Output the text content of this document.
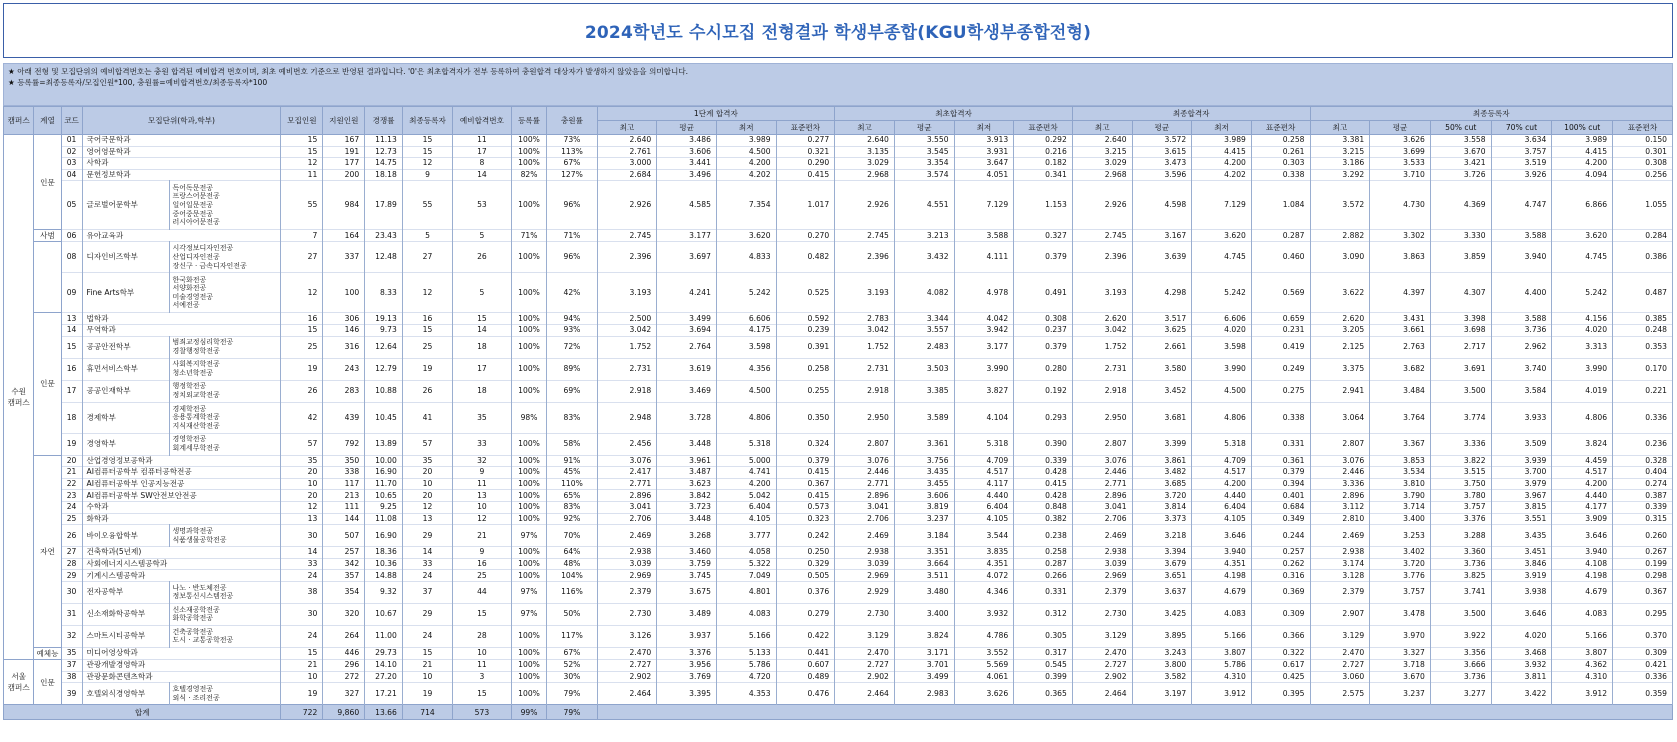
2024학년도 수시모집 전형결과 학생부종합(KGU학생부종합전형)
★ 아래 전형 및 모집단위의 예비합격번호는 충원 합격된 예비합격 번호이며, 최초 예비번호 기준으로 반영된 결과입니다. '0'은 최초합격자가 전부 등록하여 충원합격 대상자가 발생하지 않았음을 의미합니다.
★ 등록률=최종등록자/모집인원*100, 충원률=예비합격번호/최종등록자*100
캠퍼스	계열	코드	모집단위(학과,학부)		모집인원	지원인원	경쟁률	최종등록자	예비합격번호	등록률	충원률	1단계 합격자				최초합격자				최종합격자				최종등록자					
												최고	평균	최저	표준편차	최고	평균	최저	표준편차	최고	평균	최저	표준편차	최고	평균	50% cut	70% cut	100% cut	표준편차
수원
캠퍼스	인문	01	국어국문학과		15	167	11.13	15	11	100%	73%	2.640	3.486	3.989	0.277	2.640	3.550	3.913	0.292	2.640	3.572	3.989	0.258	3.381	3.626	3.558	3.634	3.989	0.150
		02	영어영문학과		15	191	12.73	15	17	100%	113%	2.761	3.606	4.500	0.321	3.135	3.545	3.931	0.216	3.215	3.615	4.415	0.261	3.215	3.699	3.670	3.757	4.415	0.301
		03	사학과		12	177	14.75	12	8	100%	67%	3.000	3.441	4.200	0.290	3.029	3.354	3.647	0.182	3.029	3.473	4.200	0.303	3.186	3.533	3.421	3.519	4.200	0.308
		04	문헌정보학과		11	200	18.18	9	14	82%	127%	2.684	3.496	4.202	0.415	2.968	3.574	4.051	0.341	2.968	3.596	4.202	0.338	3.292	3.710	3.726	3.926	4.094	0.256
		05	글로벌어문학부	독어독문전공
프랑스어문전공
일어일문전공
중어중문전공
러시아어문전공	55	984	17.89	55	53	100%	96%	2.926	4.585	7.354	1.017	2.926	4.551	7.129	1.153	2.926	4.598	7.129	1.084	3.572	4.730	4.369	4.747	6.866	1.055
	사범	06	유아교육과		7	164	23.43	5	5	71%	71%	2.745	3.177	3.620	0.270	2.745	3.213	3.588	0.327	2.745	3.167	3.620	0.287	2.882	3.302	3.330	3.588	3.620	0.284
		08	디자인비즈학부	시각정보디자인전공
산업디자인전공
장신구 · 금속디자인전공	27	337	12.48	27	26	100%	96%	2.396	3.697	4.833	0.482	2.396	3.432	4.111	0.379	2.396	3.639	4.745	0.460	3.090	3.863	3.859	3.940	4.745	0.386
		09	Fine Arts학부	한국화전공
서양화전공
미술경영전공
서예전공	12	100	8.33	12	5	100%	42%	3.193	4.241	5.242	0.525	3.193	4.082	4.978	0.491	3.193	4.298	5.242	0.569	3.622	4.397	4.307	4.400	5.242	0.487
	인문	13	법학과		16	306	19.13	16	15	100%	94%	2.500	3.499	6.606	0.592	2.783	3.344	4.042	0.308	2.620	3.517	6.606	0.659	2.620	3.431	3.398	3.588	4.156	0.385
		14	무역학과		15	146	9.73	15	14	100%	93%	3.042	3.694	4.175	0.239	3.042	3.557	3.942	0.237	3.042	3.625	4.020	0.231	3.205	3.661	3.698	3.736	4.020	0.248
		15	공공안전학부	범죄교정심리학전공
경찰행정학전공	25	316	12.64	25	18	100%	72%	1.752	2.764	3.598	0.391	1.752	2.483	3.177	0.379	1.752	2.661	3.598	0.419	2.125	2.763	2.717	2.962	3.313	0.353
		16	휴먼서비스학부	사회복지학전공
청소년학전공	19	243	12.79	19	17	100%	89%	2.731	3.619	4.356	0.258	2.731	3.503	3.990	0.280	2.731	3.580	3.990	0.249	3.375	3.682	3.691	3.740	3.990	0.170
		17	공공인재학부	행정학전공
정치외교학전공	26	283	10.88	26	18	100%	69%	2.918	3.469	4.500	0.255	2.918	3.385	3.827	0.192	2.918	3.452	4.500	0.275	2.941	3.484	3.500	3.584	4.019	0.221
		18	경제학부	경제학전공
응용통계학전공
지식재산학전공	42	439	10.45	41	35	98%	83%	2.948	3.728	4.806	0.350	2.950	3.589	4.104	0.293	2.950	3.681	4.806	0.338	3.064	3.764	3.774	3.933	4.806	0.336
		19	경영학부	경영학전공
회계세무학전공	57	792	13.89	57	33	100%	58%	2.456	3.448	5.318	0.324	2.807	3.361	5.318	0.390	2.807	3.399	5.318	0.331	2.807	3.367	3.336	3.509	3.824	0.236
	자연	20	산업경영정보공학과		35	350	10.00	35	32	100%	91%	3.076	3.961	5.000	0.379	3.076	3.756	4.709	0.339	3.076	3.861	4.709	0.361	3.076	3.853	3.822	3.939	4.459	0.328
		21	AI컴퓨터공학부 컴퓨터공학전공		20	338	16.90	20	9	100%	45%	2.417	3.487	4.741	0.415	2.446	3.435	4.517	0.428	2.446	3.482	4.517	0.379	2.446	3.534	3.515	3.700	4.517	0.404
		22	AI컴퓨터공학부 인공지능전공		10	117	11.70	10	11	100%	110%	2.771	3.623	4.200	0.367	2.771	3.455	4.117	0.415	2.771	3.685	4.200	0.394	3.336	3.810	3.750	3.979	4.200	0.274
		23	AI컴퓨터공학부 SW안전보안전공		20	213	10.65	20	13	100%	65%	2.896	3.842	5.042	0.415	2.896	3.606	4.440	0.428	2.896	3.720	4.440	0.401	2.896	3.790	3.780	3.967	4.440	0.387
		24	수학과		12	111	9.25	12	10	100%	83%	3.041	3.723	6.404	0.573	3.041	3.819	6.404	0.848	3.041	3.814	6.404	0.684	3.112	3.714	3.757	3.815	4.177	0.339
		25	화학과		13	144	11.08	13	12	100%	92%	2.706	3.448	4.105	0.323	2.706	3.237	4.105	0.382	2.706	3.373	4.105	0.349	2.810	3.400	3.376	3.551	3.909	0.315
		26	바이오융합학부	생명과학전공
식품생물공학전공	30	507	16.90	29	21	97%	70%	2.469	3.268	3.777	0.242	2.469	3.184	3.544	0.238	2.469	3.218	3.646	0.244	2.469	3.253	3.288	3.435	3.646	0.260
		27	건축학과(5년제)		14	257	18.36	14	9	100%	64%	2.938	3.460	4.058	0.250	2.938	3.351	3.835	0.258	2.938	3.394	3.940	0.257	2.938	3.402	3.360	3.451	3.940	0.267
		28	사회에너지시스템공학과		33	342	10.36	33	16	100%	48%	3.039	3.759	5.322	0.329	3.039	3.664	4.351	0.287	3.039	3.679	4.351	0.262	3.174	3.720	3.736	3.846	4.108	0.199
		29	기계시스템공학과		24	357	14.88	24	25	100%	104%	2.969	3.745	7.049	0.505	2.969	3.511	4.072	0.266	2.969	3.651	4.198	0.316	3.128	3.776	3.825	3.919	4.198	0.298
		30	전자공학부	나노 · 반도체전공
정보통신시스템전공	38	354	9.32	37	44	97%	116%	2.379	3.675	4.801	0.376	2.929	3.480	4.346	0.331	2.379	3.637	4.679	0.369	2.379	3.757	3.741	3.938	4.679	0.367
		31	신소재화학공학부	신소재공학전공
화학공학전공	30	320	10.67	29	15	97%	50%	2.730	3.489	4.083	0.279	2.730	3.400	3.932	0.312	2.730	3.425	4.083	0.309	2.907	3.478	3.500	3.646	4.083	0.295
		32	스마트시티공학부	건축공학전공
도시 · 교통공학전공	24	264	11.00	24	28	100%	117%	3.126	3.937	5.166	0.422	3.129	3.824	4.786	0.305	3.129	3.895	5.166	0.366	3.129	3.970	3.922	4.020	5.166	0.370
	예체능	35	미디어영상학과		15	446	29.73	15	10	100%	67%	2.470	3.376	5.133	0.441	2.470	3.171	3.552	0.317	2.470	3.243	3.807	0.322	2.470	3.327	3.356	3.468	3.807	0.309
서울
캠퍼스	인문	37	관광개발경영학과		21	296	14.10	21	11	100%	52%	2.727	3.956	5.786	0.607	2.727	3.701	5.569	0.545	2.727	3.800	5.786	0.617	2.727	3.718	3.666	3.932	4.362	0.421
		38	관광문화콘텐츠학과		10	272	27.20	10	3	100%	30%	2.902	3.769	4.720	0.489	2.902	3.499	4.061	0.399	2.902	3.582	4.310	0.425	3.060	3.670	3.736	3.811	4.310	0.336
		39	호텔외식경영학부	호텔경영전공
외식 · 조리전공	19	327	17.21	19	15	100%	79%	2.464	3.395	4.353	0.476	2.464	2.983	3.626	0.365	2.464	3.197	3.912	0.395	2.575	3.237	3.277	3.422	3.912	0.359
합계					722	9,860	13.66	714	573	99%	79%																		
